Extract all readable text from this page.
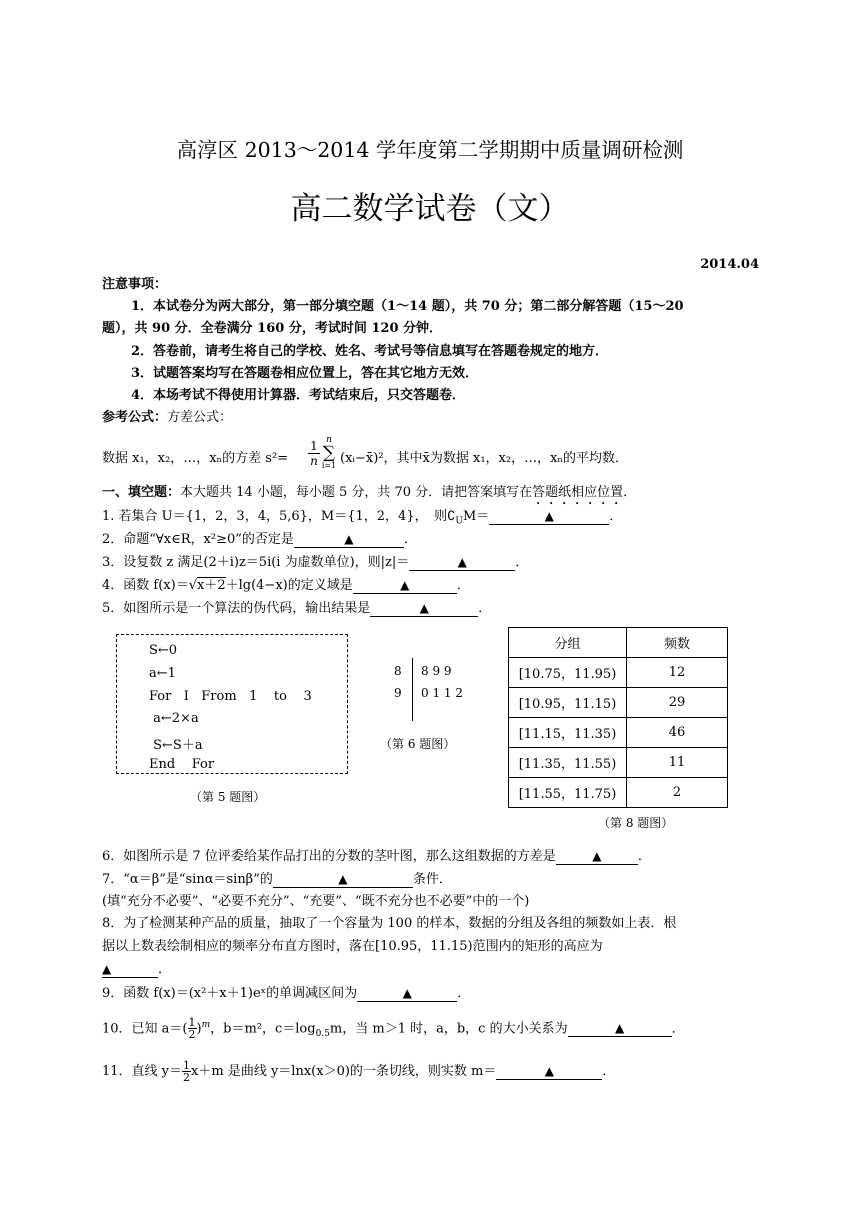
高淳区 2013～2014 学年度第二学期期中质量调研检测
高二数学试卷（文）
2014.04
注意事项：
1．本试卷分为两大部分，第一部分填空题（1～14 题），共 70 分；第二部分解答题（15～20
题），共 90 分．全卷满分 160 分，考试时间 120 分钟．
2．答卷前，请考生将自己的学校、姓名、考试号等信息填写在答题卷规定的地方．
3．试题答案均写在答题卷相应位置上，答在其它地方无效．
4．本场考试不得使用计算器．考试结束后，只交答题卷．
参考公式：方差公式：
数据 x₁，x₂，…，xₙ的方差 s²=
1
n
n
∑
i=1 (xᵢ−x̄)²，其中x̄为数据 x₁，x₂，…，xₙ的平均数．
一、填空题：本大题共 14 小题，每小题 5 分，共 70 分．请把答案填写在答题纸相应位置．
1. 若集合 U＝{1，2，3，4，5,6}，M＝{1，2，4}，　则$∁_UM=$	▲	．
2．命题“∀x∈R，x²≥0”的否定是	▲	．
3．设复数 z 满足(2＋i)z＝5i(i 为虚数单位)，则|z|＝	▲	．
4．函数 f(x)＝√x＋2＋lg(4−x)的定义域是	▲	．
5．如图所示是一个算法的伪代码，输出结果是	▲	．
S←0
a←1
For   I   From   1    to    3
a←2×a
S←S＋a
End    For
（第 5 题图）
8 8 9 9
9 0 1 1 2
（第 6 题图）
分组	频数
[10.75，11.95)	12
[10.95，11.15)	29
[11.15，11.35)	46
[11.35，11.55)	11
[11.55，11.75)	2
（第 8 题图）
6．如图所示是 7 位评委给某作品打出的分数的茎叶图，那么这组数据的方差是	▲	．
7．“α＝β”是“sinα＝sinβ”的	▲	条件．
(填“充分不必要”、“必要不充分”、“充要”、“既不充分也不必要”中的一个)
8．为了检测某种产品的质量，抽取了一个容量为 100 的样本，数据的分组及各组的频数如上表．根
据以上数表绘制相应的频率分布直方图时，落在[10.95，11.15)范围内的矩形的高应为
▲	．
9．函数 f(x)＝(x²＋x＋1)eˣ的单调减区间为	▲	．
10．已知 $a=( \frac{1}{2} )^m$，b＝m²，$c=\log_{0.5}m$，当 m＞1 时，a，b，c 的大小关系为	▲	．
11．直线 $y= \frac{1}{2} x+m$ 是曲线 y＝lnx(x＞0)的一条切线，则实数 m＝	▲	．
